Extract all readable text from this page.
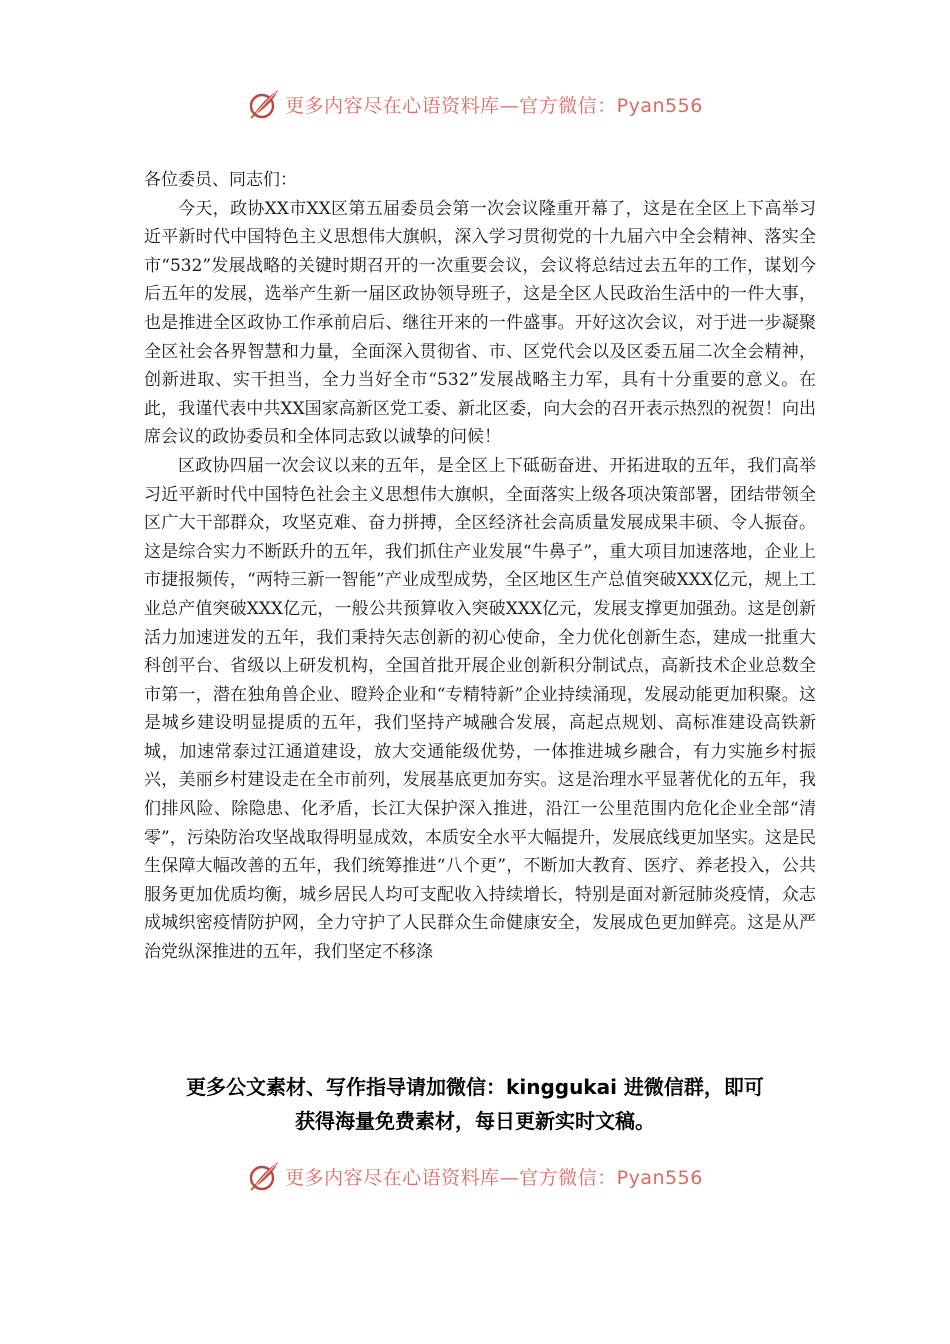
更多内容尽在心语资料库—官方微信：Pyan556

各位委员、同志们：

今天，政协XX市XX区第五届委员会第一次会议隆重开幕了，这是在全区上下高举习近平新时代中国特色主义思想伟大旗帜，深入学习贯彻党的十九届六中全会精神、落实全市“532”发展战略的关键时期召开的一次重要会议，会议将总结过去五年的工作，谋划今后五年的发展，选举产生新一届区政协领导班子，这是全区人民政治生活中的一件大事，也是推进全区政协工作承前启后、继往开来的一件盛事。开好这次会议，对于进一步凝聚全区社会各界智慧和力量，全面深入贯彻省、市、区党代会以及区委五届二次全会精神，创新进取、实干担当，全力当好全市“532”发展战略主力军，具有十分重要的意义。在此，我谨代表中共XX国家高新区党工委、新北区委，向大会的召开表示热烈的祝贺！向出席会议的政协委员和全体同志致以诚挚的问候！

区政协四届一次会议以来的五年，是全区上下砥砺奋进、开拓进取的五年，我们高举习近平新时代中国特色社会主义思想伟大旗帜，全面落实上级各项决策部署，团结带领全区广大干部群众，攻坚克难、奋力拼搏，全区经济社会高质量发展成果丰硕、令人振奋。这是综合实力不断跃升的五年，我们抓住产业发展“牛鼻子”，重大项目加速落地，企业上市捷报频传，“两特三新一智能”产业成型成势，全区地区生产总值突破XXX亿元，规上工业总产值突破XXX亿元，一般公共预算收入突破XXX亿元，发展支撑更加强劲。这是创新活力加速迸发的五年，我们秉持矢志创新的初心使命，全力优化创新生态，建成一批重大科创平台、省级以上研发机构，全国首批开展企业创新积分制试点，高新技术企业总数全市第一，潜在独角兽企业、瞪羚企业和“专精特新”企业持续涌现，发展动能更加积聚。这是城乡建设明显提质的五年，我们坚持产城融合发展，高起点规划、高标准建设高铁新城，加速常泰过江通道建设，放大交通能级优势，一体推进城乡融合，有力实施乡村振兴，美丽乡村建设走在全市前列，发展基底更加夯实。这是治理水平显著优化的五年，我们排风险、除隐患、化矛盾，长江大保护深入推进，沿江一公里范围内危化企业全部“清零”，污染防治攻坚战取得明显成效，本质安全水平大幅提升，发展底线更加坚实。这是民生保障大幅改善的五年，我们统筹推进“八个更”，不断加大教育、医疗、养老投入，公共服务更加优质均衡，城乡居民人均可支配收入持续增长，特别是面对新冠肺炎疫情，众志成城织密疫情防护网，全力守护了人民群众生命健康安全，发展成色更加鲜亮。这是从严治党纵深推进的五年，我们坚定不移涤

更多公文素材、写作指导请加微信：kinggukai 进微信群，即可

获得海量免费素材，每日更新实时文稿。

更多内容尽在心语资料库—官方微信：Pyan556
